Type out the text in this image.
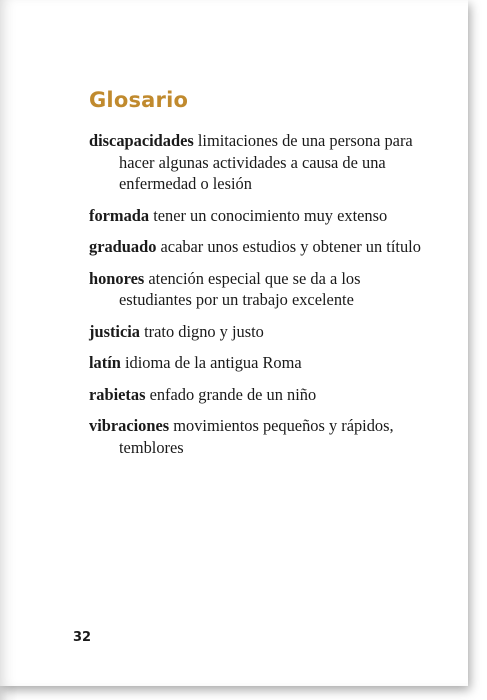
Glosario
discapacidades limitaciones de una persona para hacer algunas actividades a causa de una enfermedad o lesión
formada tener un conocimiento muy extenso
graduado acabar unos estudios y obtener un título
honores atención especial que se da a los estudiantes por un trabajo excelente
justicia trato digno y justo
latín idioma de la antigua Roma
rabietas enfado grande de un niño
vibraciones movimientos pequeños y rápidos, temblores
32
